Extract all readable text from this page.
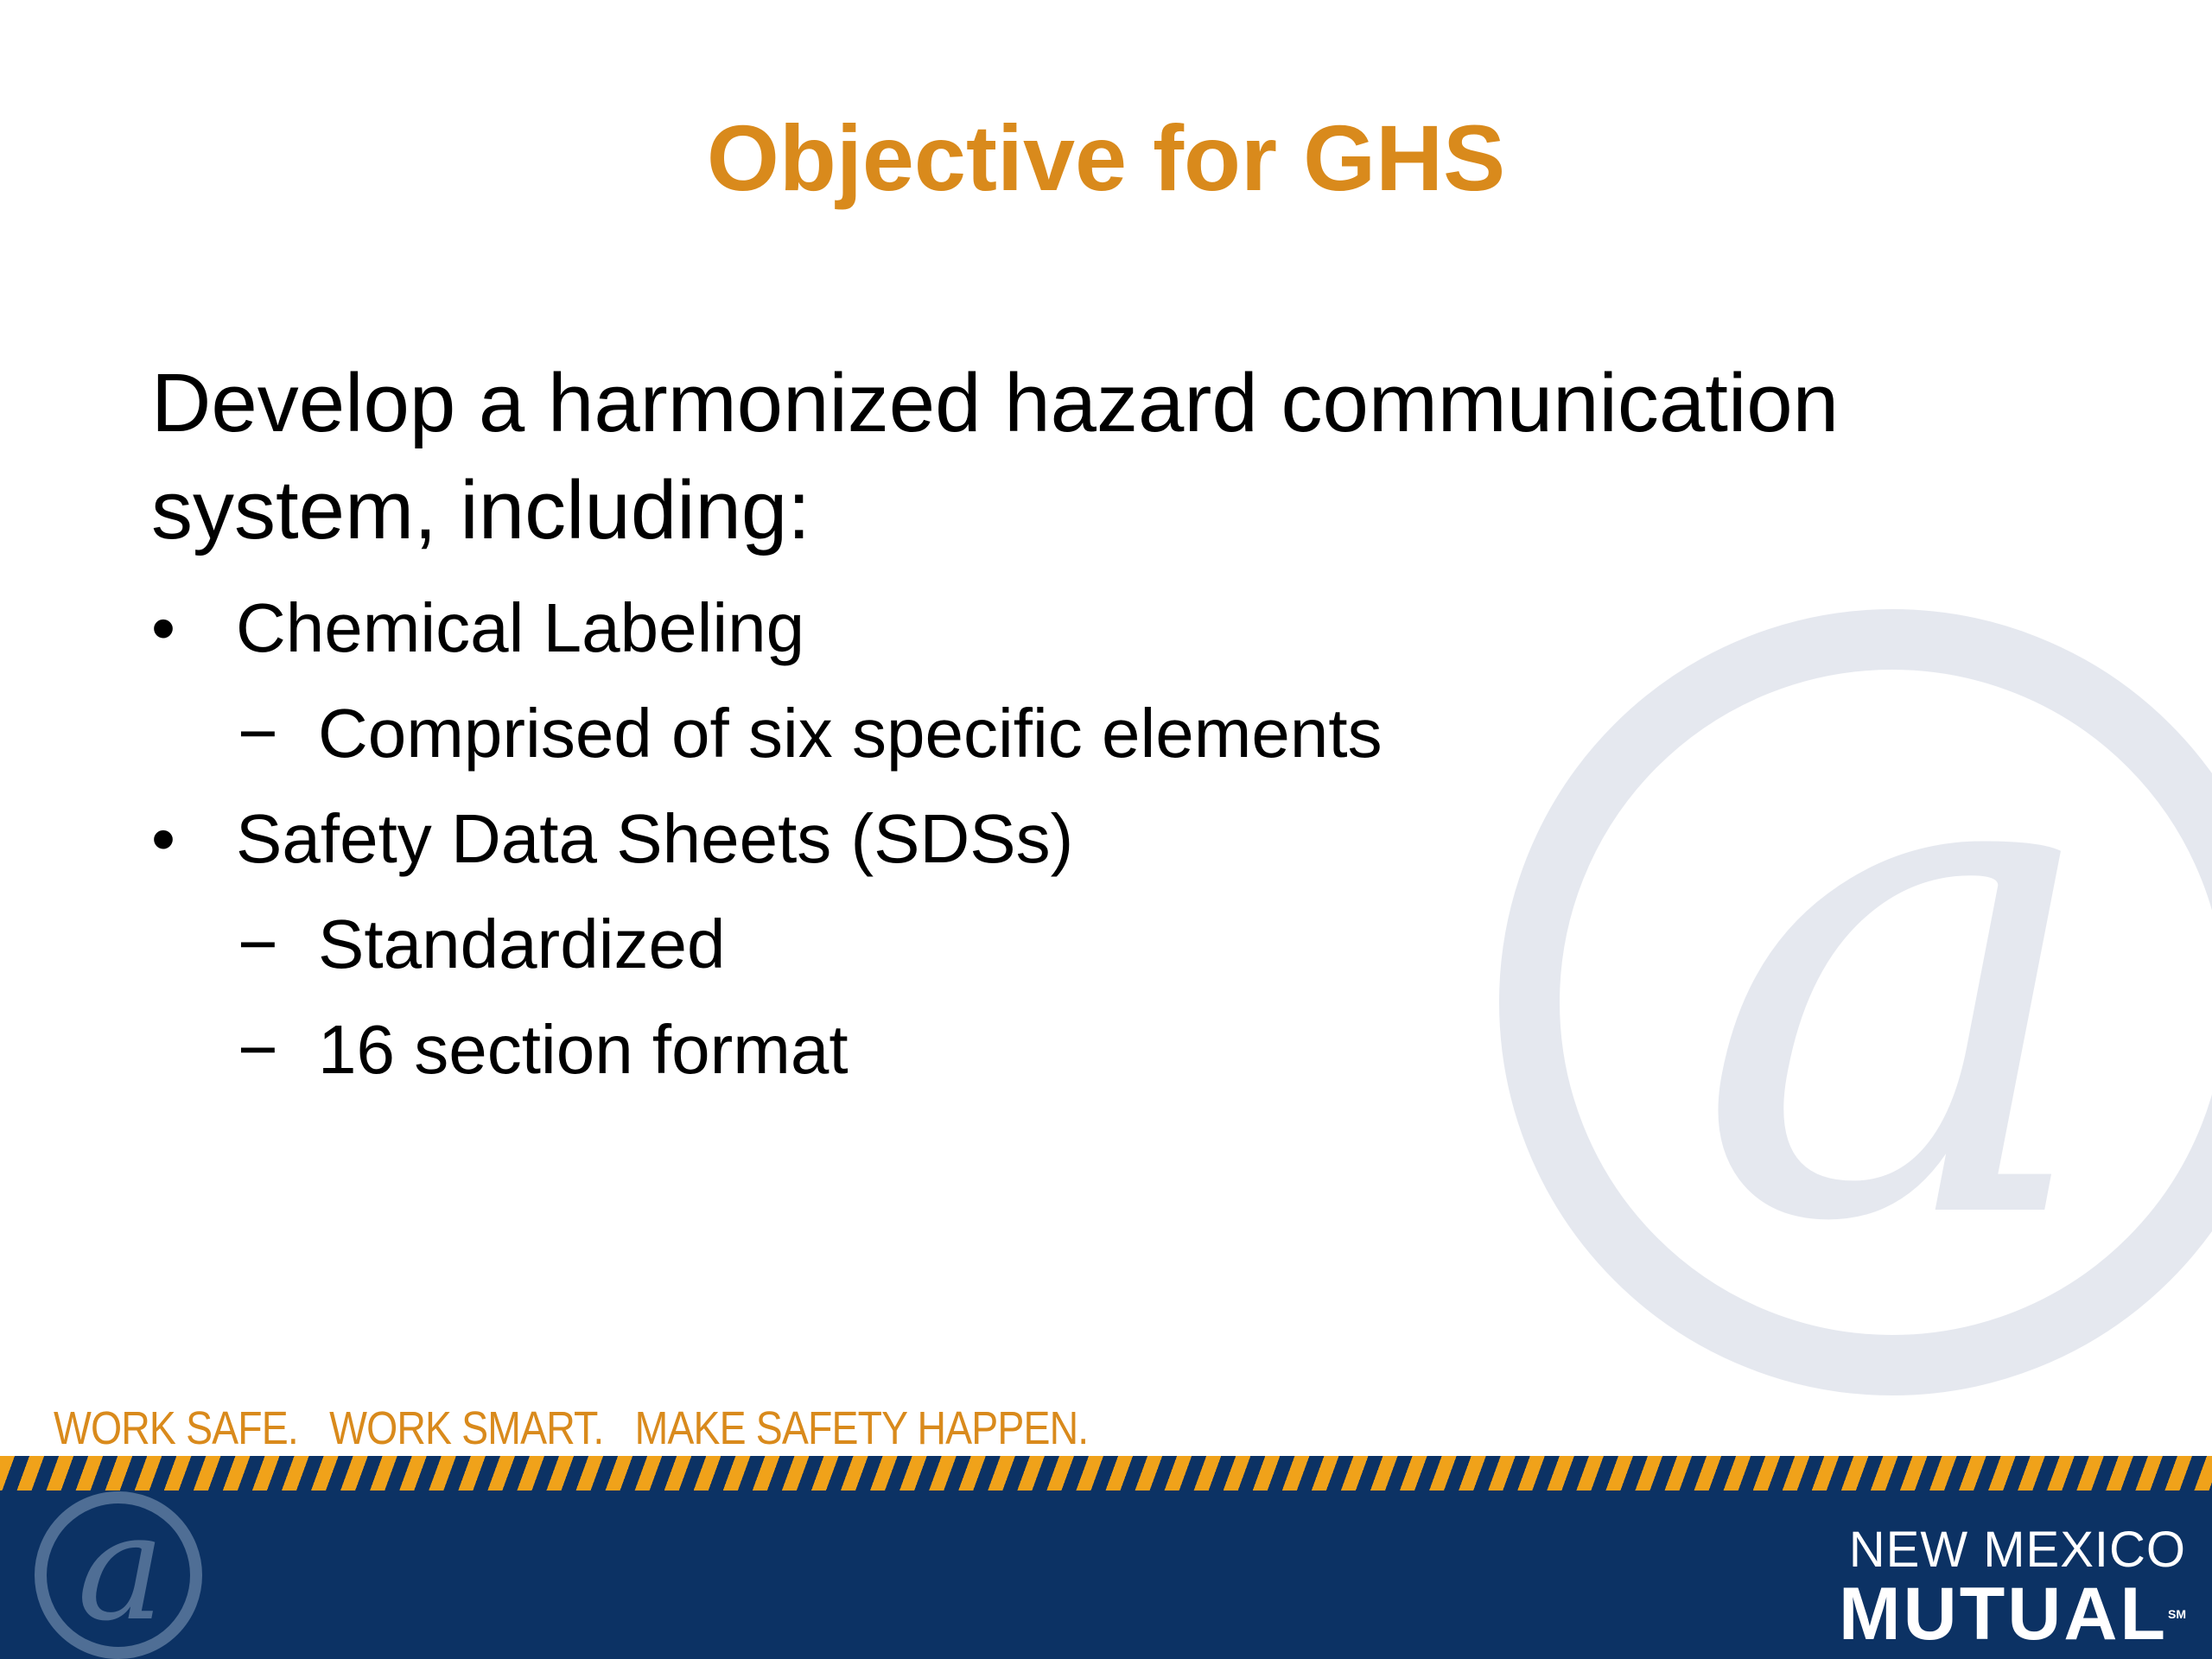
a
Objective for GHS
Develop a harmonized hazard communication system, including:
• Chemical Labeling
− Comprised of six specific elements
• Safety Data Sheets (SDSs)
− Standardized
− 16 section format
WORK SAFE.   WORK SMART.   MAKE SAFETY HAPPEN.
a	NEW MEXICO
MUTUAL℠
